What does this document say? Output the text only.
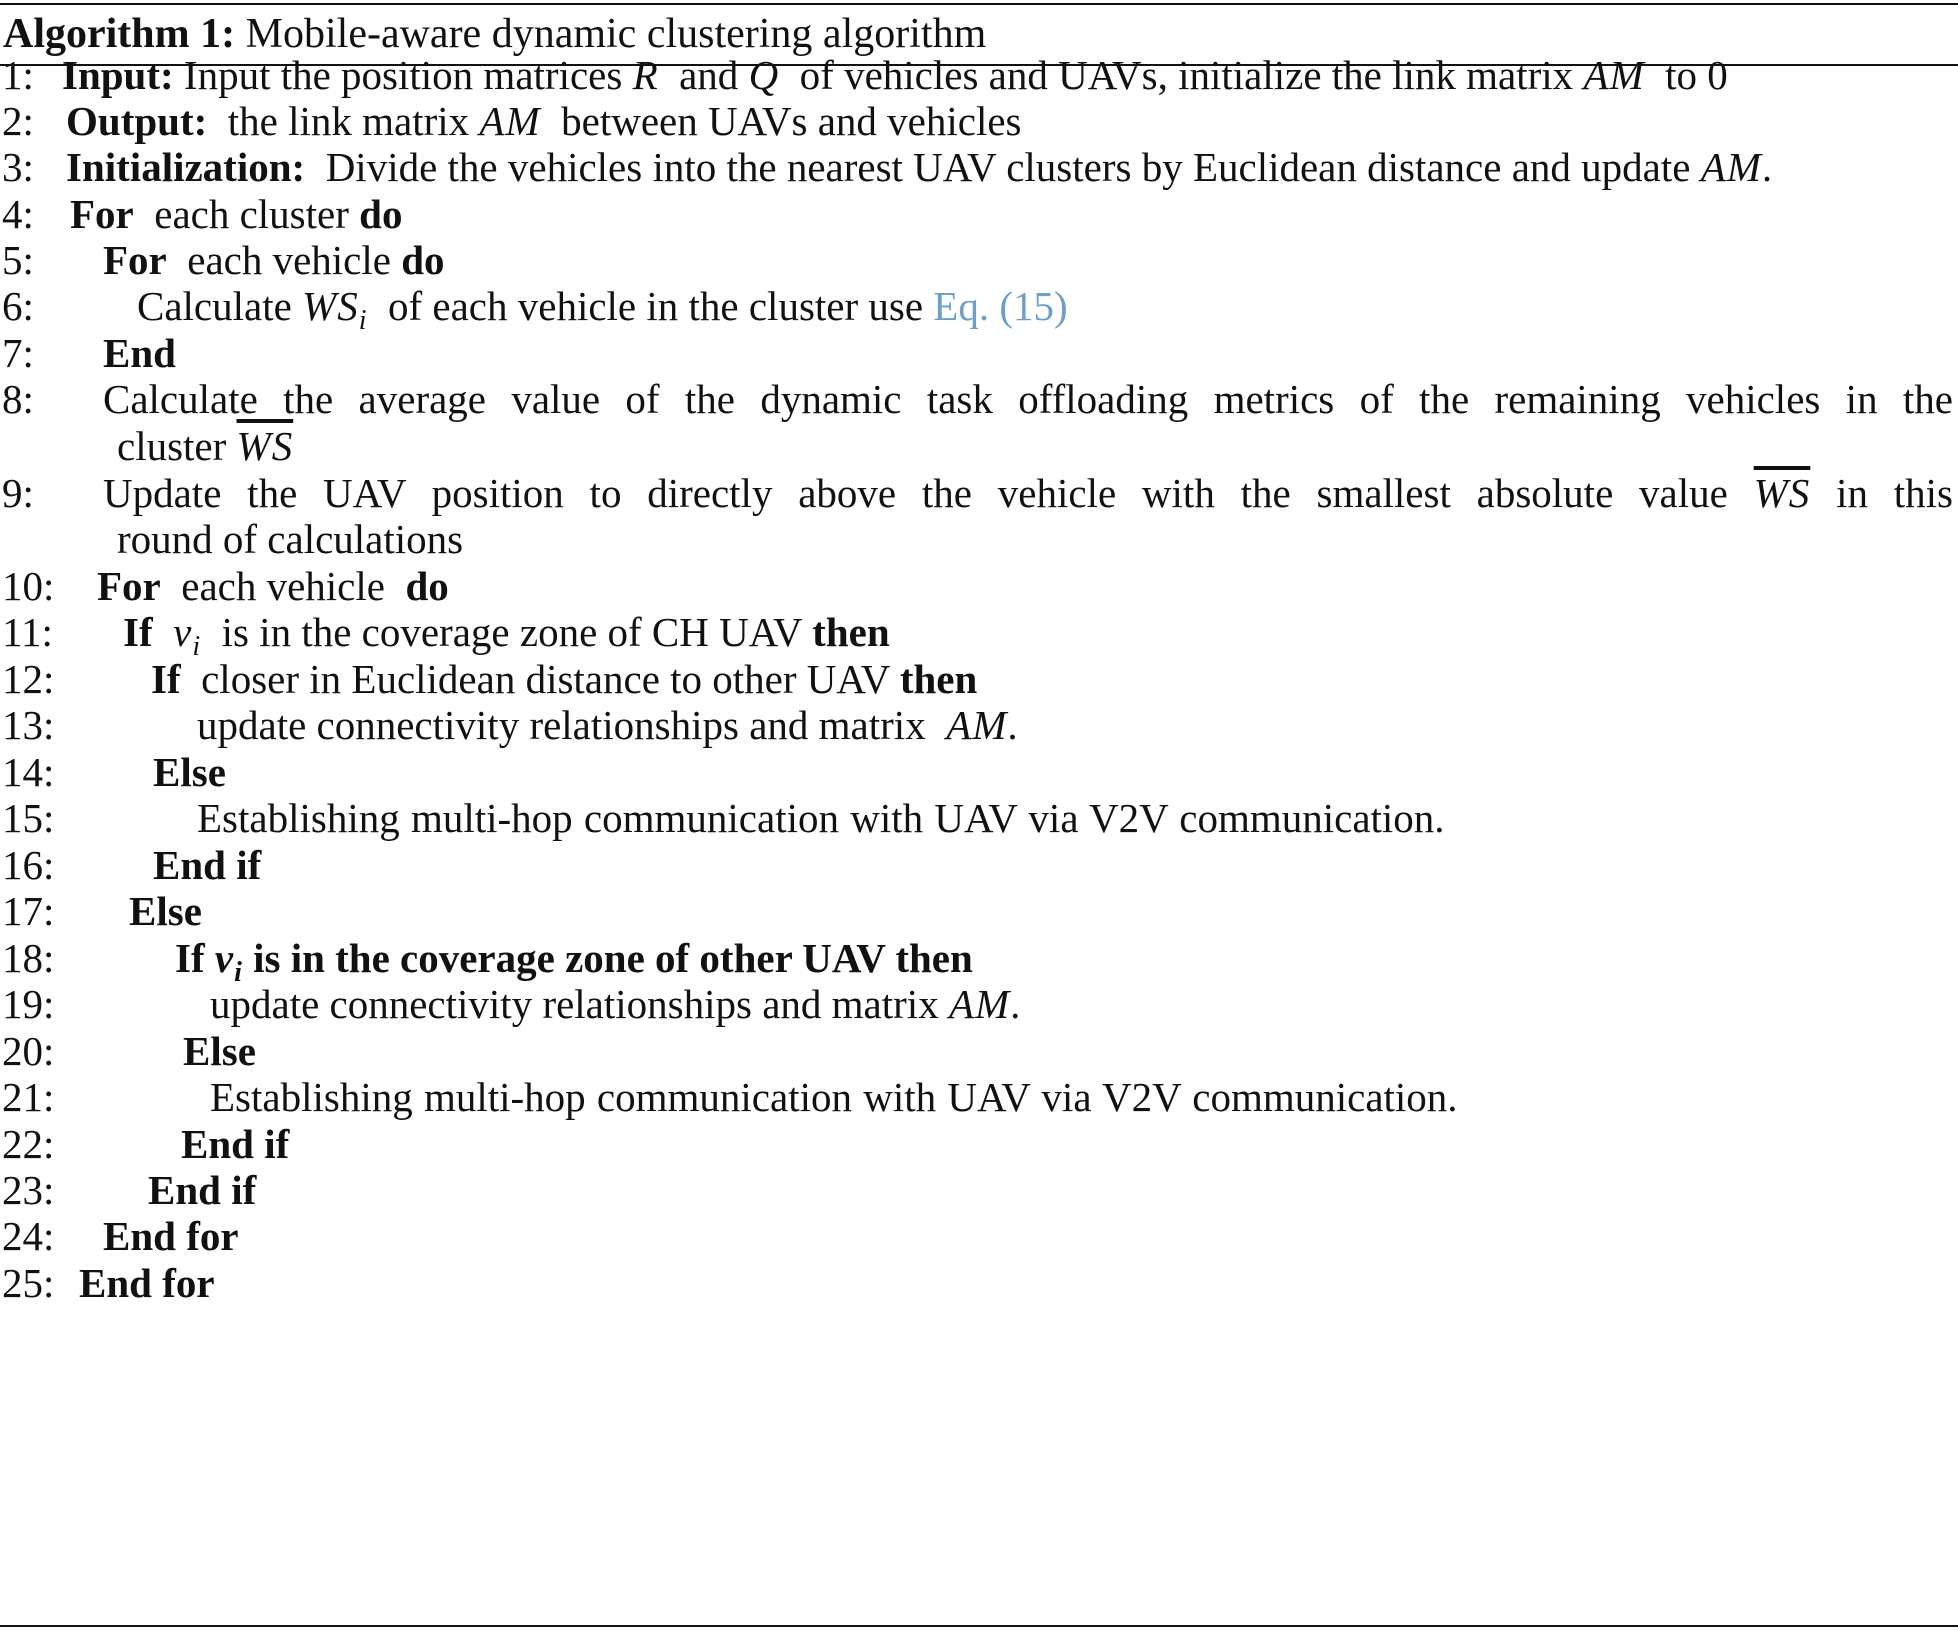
Algorithm 1: Mobile-aware dynamic clustering algorithm
1: Input: Input the position matrices R and Q of vehicles and UAVs, initialize the link matrix AM to 0
2: Output: the link matrix AM between UAVs and vehicles
3: Initialization: Divide the vehicles into the nearest UAV clusters by Euclidean distance and update AM.
4: For each cluster do
5: For each vehicle do
6:	Calculate $WS_i$ of each vehicle in the cluster use Eq. (15)
7: End
8: Calculate the average value of the dynamic task offloading metrics of the remaining vehicles in the
cluster $\overline{WS}$
9: Update the UAV position to directly above the vehicle with the smallest absolute value $\overline{WS}$ in this
round of calculations
10: For each vehicle do
11: If $v_i$ is in the coverage zone of CH UAV then
12: If closer in Euclidean distance to other UAV then
13:	update connectivity relationships and matrix AM.
14: Else
15:	Establishing multi-hop communication with UAV via V2V communication.
16: End if
17: Else
18:	If $v_i$ is in the coverage zone of other UAV then
19:	update connectivity relationships and matrix AM.
20:	Else
21:	Establishing multi-hop communication with UAV via V2V communication.
22:	End if
23: End if
24: End for
25: End for
